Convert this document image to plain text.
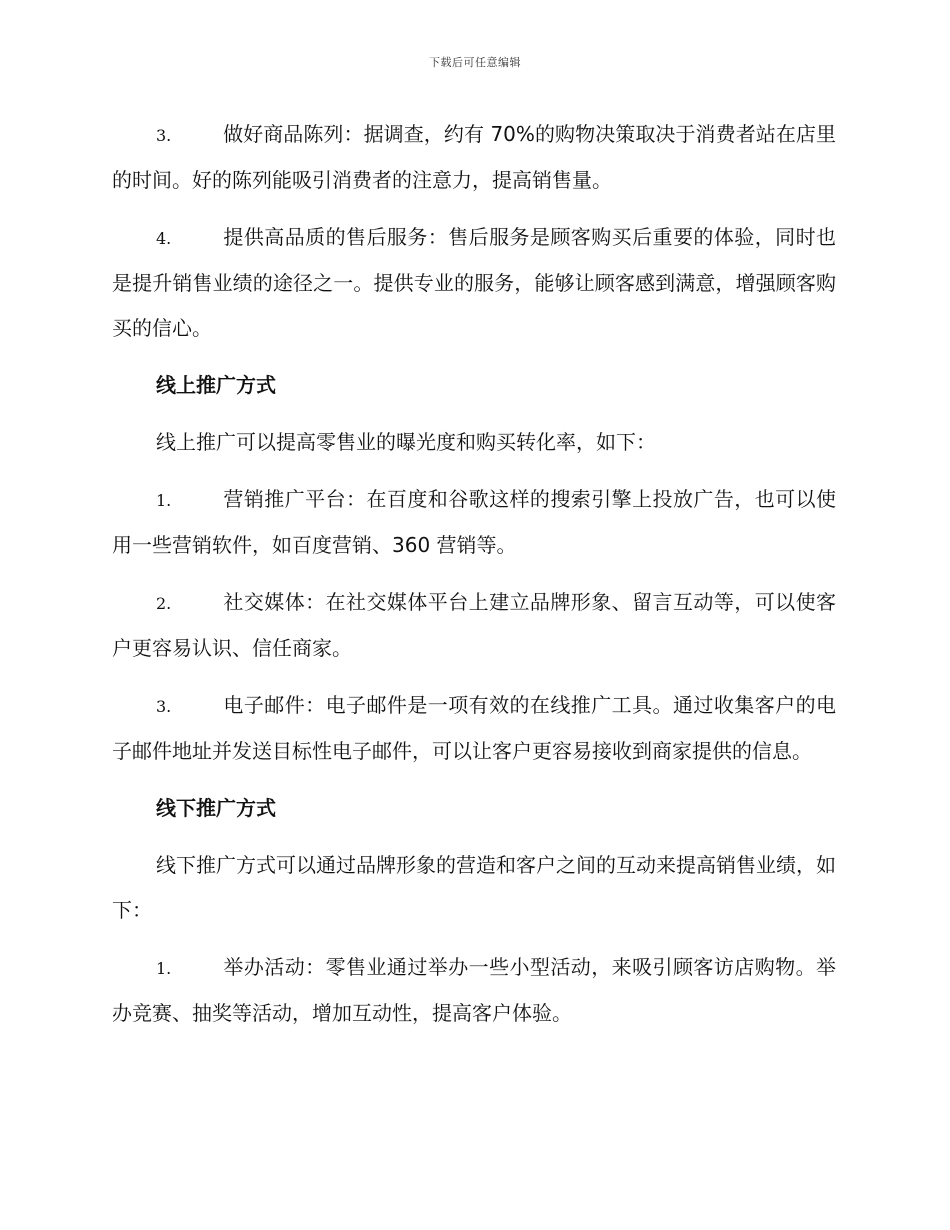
下载后可任意编辑

3.	做好商品陈列：据调查，约有 70%的购物决策取决于消费者站在店里的时间。好的陈列能吸引消费者的注意力，提高销售量。

4.	提供高品质的售后服务：售后服务是顾客购买后重要的体验，同时也是提升销售业绩的途径之一。提供专业的服务，能够让顾客感到满意，增强顾客购买的信心。

线上推广方式

线上推广可以提高零售业的曝光度和购买转化率，如下：

1.	营销推广平台：在百度和谷歌这样的搜索引擎上投放广告，也可以使用一些营销软件，如百度营销、360 营销等。

2.	社交媒体：在社交媒体平台上建立品牌形象、留言互动等，可以使客户更容易认识、信任商家。

3.	电子邮件：电子邮件是一项有效的在线推广工具。通过收集客户的电子邮件地址并发送目标性电子邮件，可以让客户更容易接收到商家提供的信息。

线下推广方式

线下推广方式可以通过品牌形象的营造和客户之间的互动来提高销售业绩，如下：

1.	举办活动：零售业通过举办一些小型活动，来吸引顾客访店购物。举办竞赛、抽奖等活动，增加互动性，提高客户体验。
